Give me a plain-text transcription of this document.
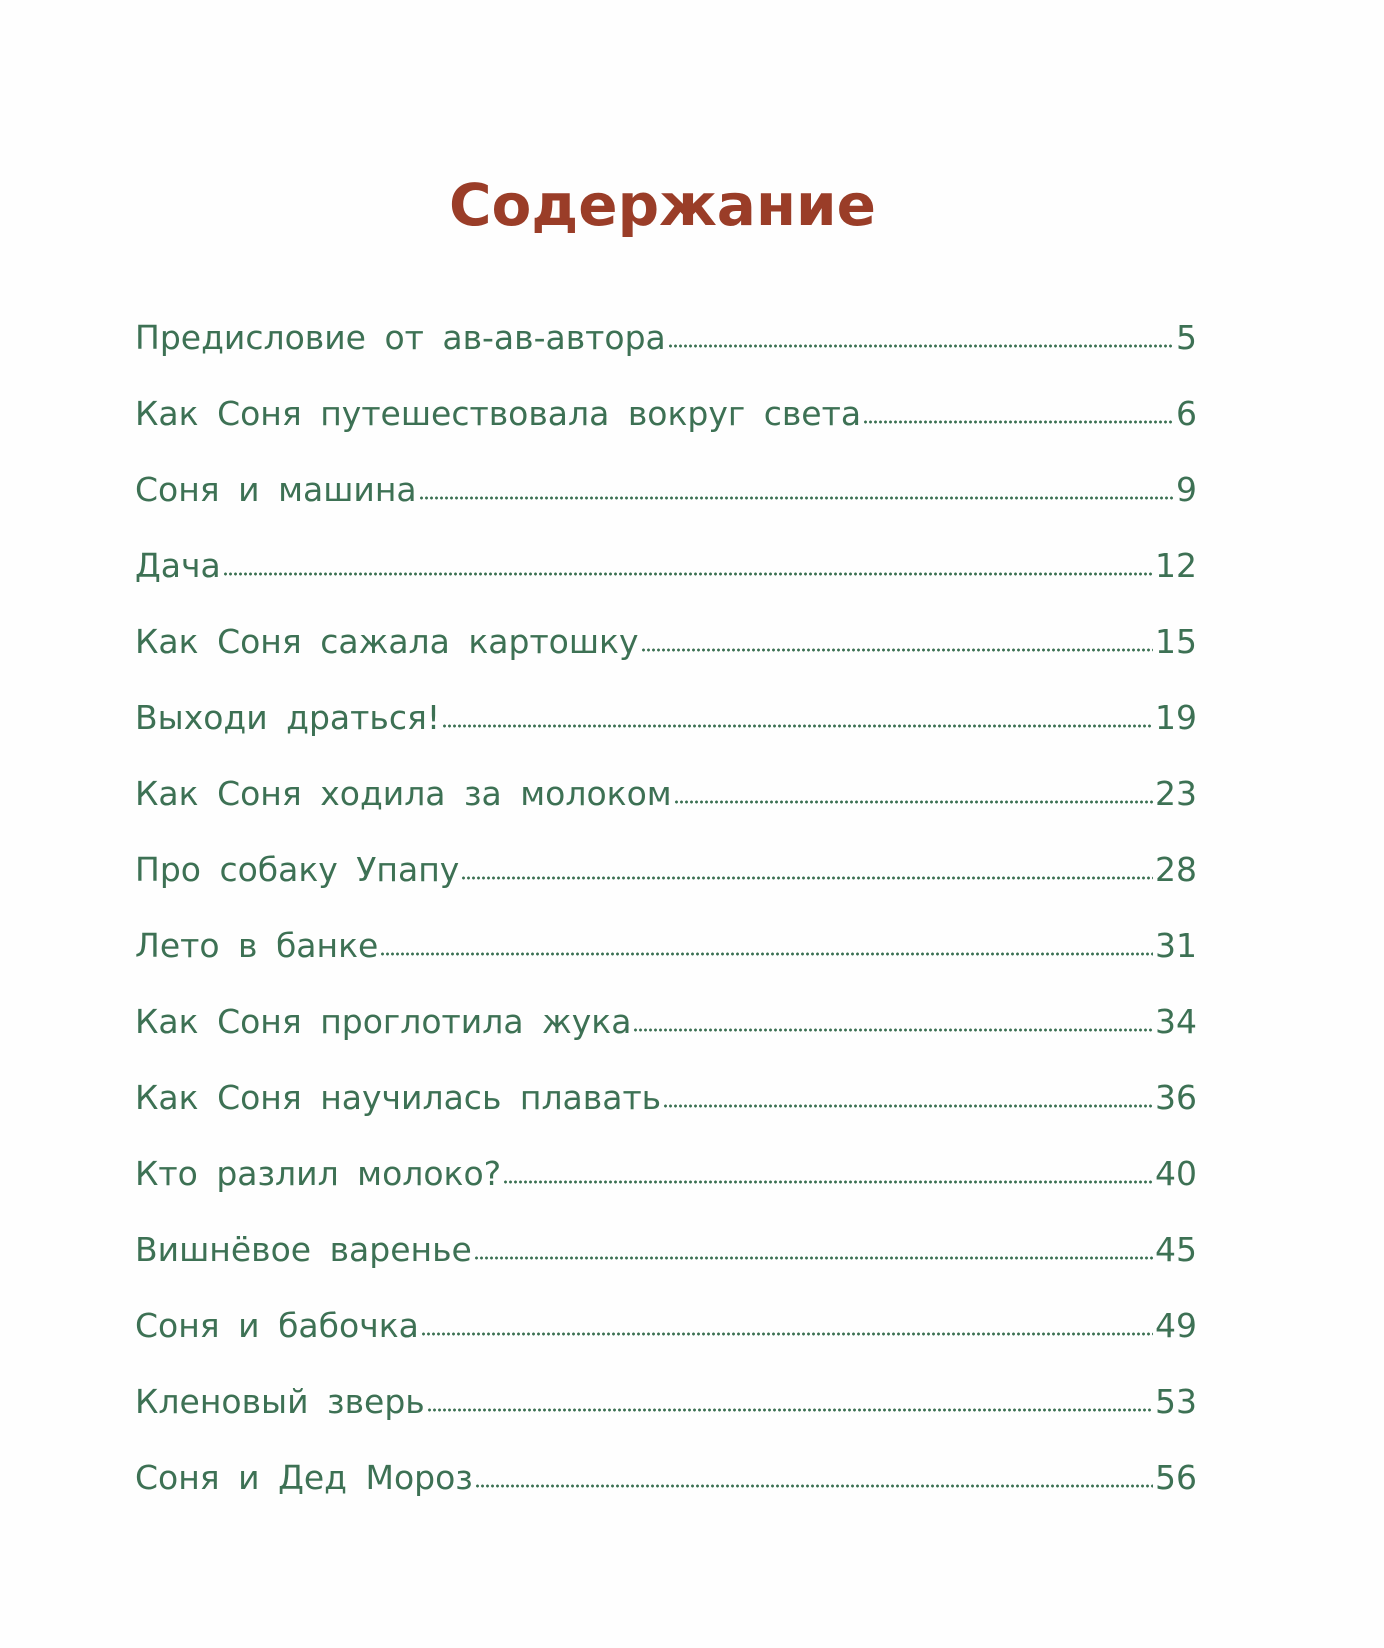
Содержание
Предисловие от ав-ав-автора	5
Как Соня путешествовала вокруг света	6
Соня и машина	9
Дача	12
Как Соня сажала картошку	15
Выходи драться!	19
Как Соня ходила за молоком	23
Про собаку Упапу	28
Лето в банке	31
Как Соня проглотила жука	34
Как Соня научилась плавать	36
Кто разлил молоко?	40
Вишнёвое варенье	45
Соня и бабочка	49
Кленовый зверь	53
Соня и Дед Мороз	56
